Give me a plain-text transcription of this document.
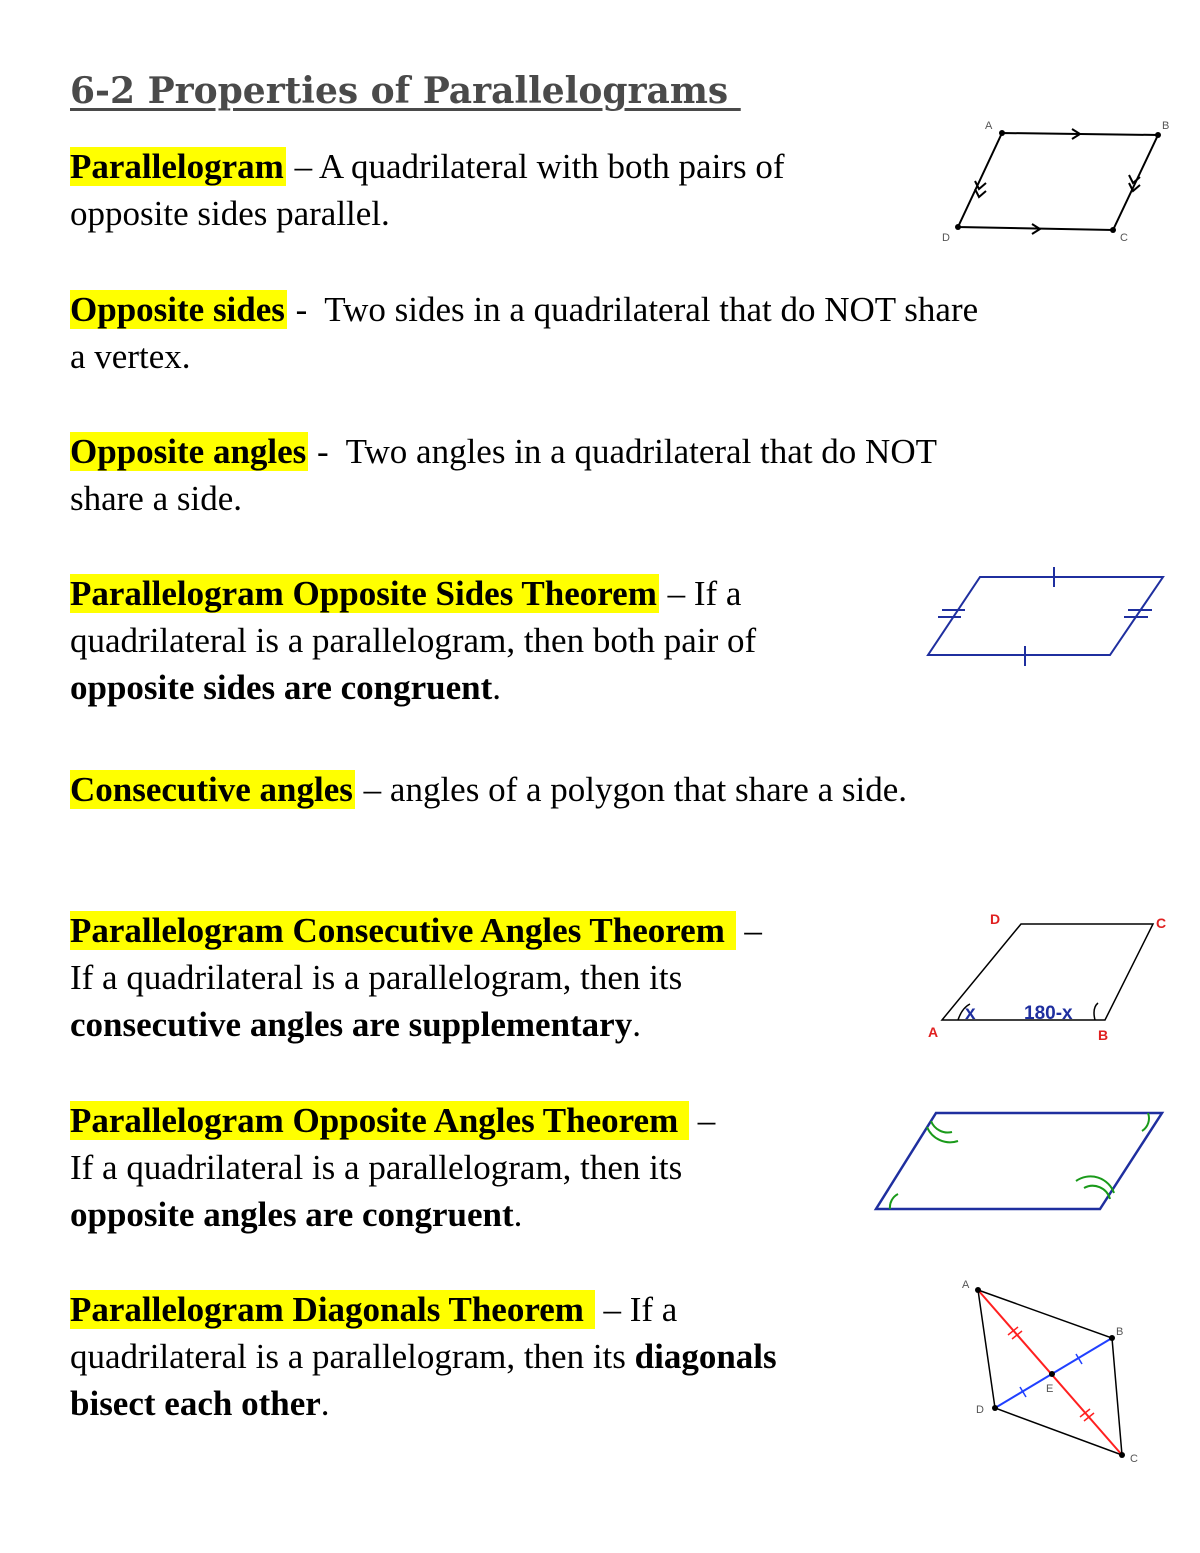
6-2 Properties of Parallelograms

Parallelogram – A quadrilateral with both pairs of
opposite sides parallel.

Opposite sides -  Two sides in a quadrilateral that do NOT share
a vertex.

Opposite angles -  Two angles in a quadrilateral that do NOT
share a side.

Parallelogram Opposite Sides Theorem – If a
quadrilateral is a parallelogram, then both pair of
opposite sides are congruent.

Consecutive angles – angles of a polygon that share a side.

Parallelogram Consecutive Angles Theorem  –
If a quadrilateral is a parallelogram, then its
consecutive angles are supplementary.

Parallelogram Opposite Angles Theorem  –
If a quadrilateral is a parallelogram, then its
opposite angles are congruent.

Parallelogram Diagonals Theorem  – If a
quadrilateral is a parallelogram, then its diagonals
bisect each other.

A	B
C
D
D	C
A	B
x	180-x
A
B
C
D
E
